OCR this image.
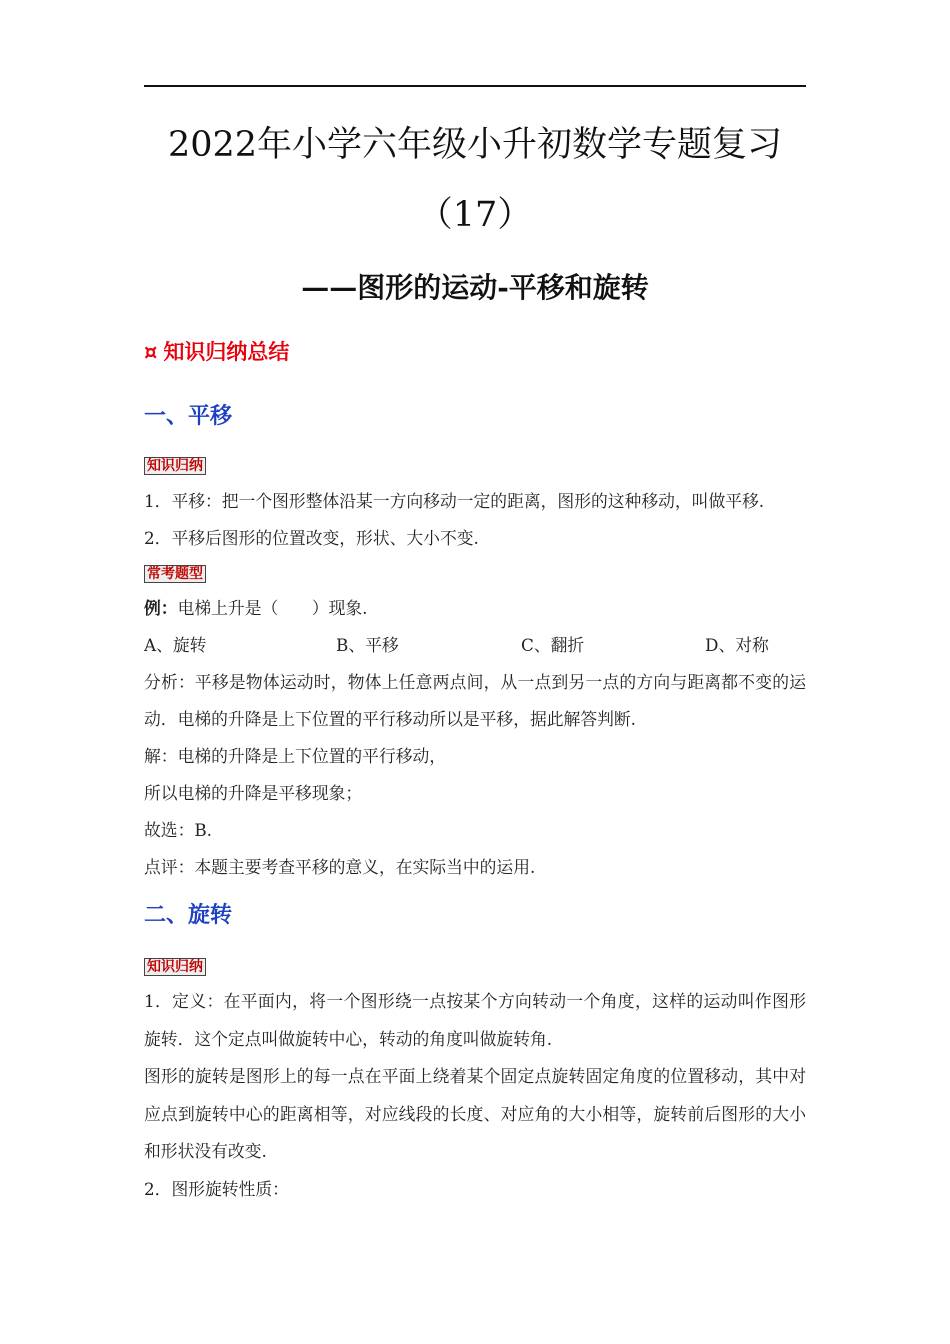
2022年小学六年级小升初数学专题复习
（17）
——图形的运动-平移和旋转
¤ 知识归纳总结
一、平移
知识归纳
1．平移：把一个图形整体沿某一方向移动一定的距离，图形的这种移动，叫做平移.
2．平移后图形的位置改变，形状、大小不变.
常考题型
例：电梯上升是（　　）现象.
A、旋转	B、平移	C、翻折	D、对称
分析：平移是物体运动时，物体上任意两点间，从一点到另一点的方向与距离都不变的运
动．电梯的升降是上下位置的平行移动所以是平移，据此解答判断.
解：电梯的升降是上下位置的平行移动，
所以电梯的升降是平移现象；
故选：B.
点评：本题主要考查平移的意义，在实际当中的运用.
二、旋转
知识归纳
1．定义：在平面内，将一个图形绕一点按某个方向转动一个角度，这样的运动叫作图形
旋转．这个定点叫做旋转中心，转动的角度叫做旋转角.
图形的旋转是图形上的每一点在平面上绕着某个固定点旋转固定角度的位置移动，其中对
应点到旋转中心的距离相等，对应线段的长度、对应角的大小相等，旋转前后图形的大小
和形状没有改变.
2．图形旋转性质：
